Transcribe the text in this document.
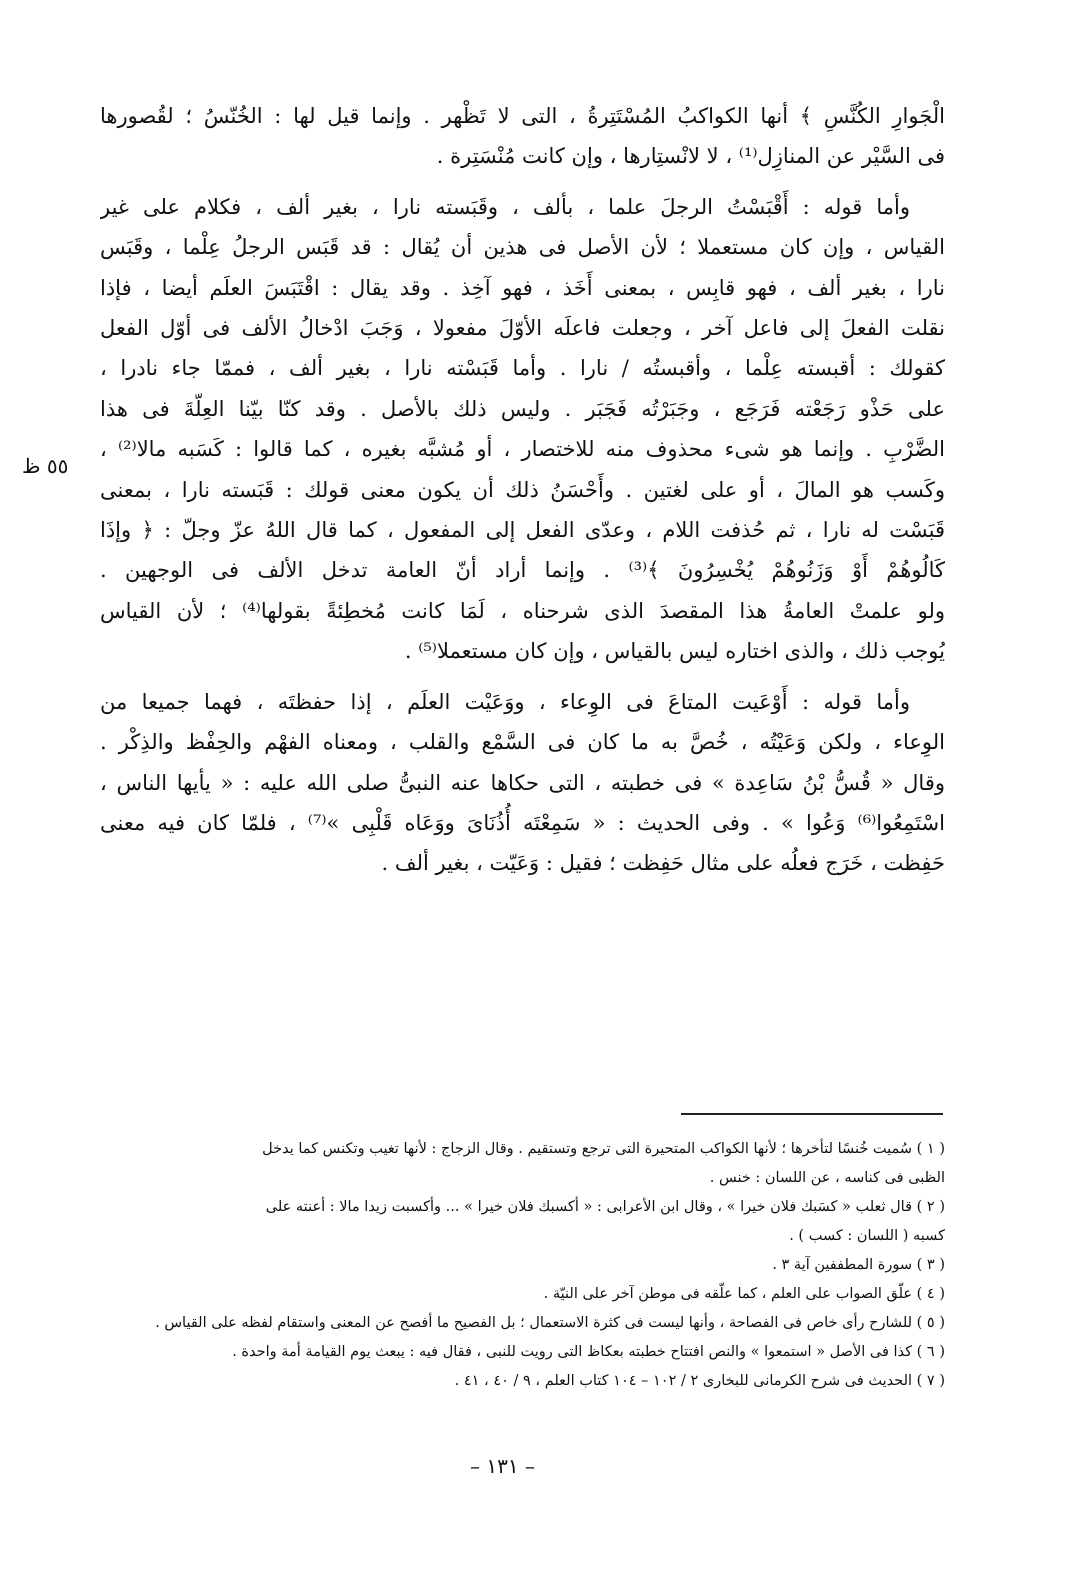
الْجَوارِ الكُنَّسِ ﴾ أنها الكواكبُ المُسْتَتِرةُ ، التى لا تَظْهر . وإنما قيل لها : الخُنّسُ ؛ لقُصورها
فى السَّيْر عن المنازِل⁽¹⁾ ، لا لانْستِارها ، وإن كانت مُنْسَتِرة .

وأما قوله : أَقْبَسْتُ الرجلَ علما ، بألف ، وقَبَسته نارا ، بغير ألف ، فكلام على غير
القياس ، وإن كان مستعملا ؛ لأن الأصل فى هذين أن يُقال : قد قَبَس الرجلُ عِلْما ، وقَبَس
نارا ، بغير ألف ، فهو قابِس ، بمعنى أَخَذ ، فهو آخِذ . وقد يقال : اقْتَبَسَ العلَم أيضا ، فإذا
نقلت الفعلَ إلى فاعل آخر ، وجعلت فاعلَه الأوّلَ مفعولا ، وَجَبَ ادْخالُ الألف فى أوّل الفعل
كقولك : أقبسته عِلْما ، وأقبستُه / نارا . وأما قَبَسْته نارا ، بغير ألف ، فممّا جاء نادرا ،
على حَذْو رَجَعْته فَرَجَع ، وجَبَرْتُه فَجَبَر . وليس ذلك بالأصل . وقد كنّا بيّنا العِلّةَ فى هذا
الضَّرْبِ . وإنما هو شىء محذوف منه للاختصار ، أو مُشبَّه بغيره ، كما قالوا : كَسَبه مالا⁽²⁾ ،
وكَسب هو المالَ ، أو على لغتين . وأَحْسَنُ ذلك أن يكون معنى قولك : قَبَسته نارا ، بمعنى
قَبَسْت له نارا ، ثم حُذفت اللام ، وعدّى الفعل إلى المفعول ، كما قال اللهُ عزّ وجلّ : ﴿ وإذَا
كَالُوهُمْ أَوْ وَزَنُوهُمْ يُخْسِرُونَ ﴾⁽³⁾ . وإنما أراد أنّ العامة تدخل الألف فى الوجهين .
ولو علمتْ العامةُ هذا المقصدَ الذى شرحناه ، لَمَا كانت مُخطِئةً بقولها⁽⁴⁾ ؛ لأن القياس
يُوجب ذلك ، والذى اختاره ليس بالقياس ، وإن كان مستعملا⁽⁵⁾ .

وأما قوله : أَوْعَيت المتاعَ فى الوِعاء ، ووَعَيْت العلَم ، إذا حفظتَه ، فهما جميعا من
الوِعاء ، ولكن وَعَيْتُه ، خُصَّ به ما كان فى السَّمْع والقلب ، ومعناه الفهْم والحِفْظ والذِكْر .
وقال « قُسُّ بْنُ سَاعِدة » فى خطبته ، التى حكاها عنه النبىُّ صلى الله عليه : « يأيها الناس ،
اسْتَمِعُوا⁽⁶⁾ وَعُوا » . وفى الحديث : « سَمِعْتَه أُذُنَاىَ ووَعَاه قَلْبِى »⁽⁷⁾ ، فلمّا كان فيه معنى
حَفِظت ، خَرَج فعلُه على مثال حَفِظت ؛ فقيل : وَعَيّت ، بغير ألف .

٥٥ ظ
( ١ ) سُميت خُنسًا لتأخرها ؛ لأنها الكواكب المتحيرة التى ترجع وتستقيم . وقال الزجاج : لأنها تغيب وتكنس كما يدخل
الظبى فى كناسه ، عن اللسان : خنس .
( ٢ ) قال ثعلب « كسَبك فلان خيرا » ، وقال ابن الأعرابى : « أكسبك فلان خيرا » ... وأكسبت زيدا مالا : أعنته على
كسبه ( اللسان : كسب ) .
( ٣ ) سورة المطففين آية ٣ .
( ٤ ) علّق الصواب على العلم ، كما علّقه فى موطن آخر على النيّة .
( ٥ ) للشارح رأى خاص فى الفصاحة ، وأنها ليست فى كثرة الاستعمال ؛ بل الفصيح ما أفصح عن المعنى واستقام لفظه على القياس .
( ٦ ) كذا فى الأصل « استمعوا » والنص افتتاح خطبته بعكاظ التى رويت للنبى ، فقال فيه : يبعث يوم القيامة أمة واحدة .
( ٧ ) الحديث فى شرح الكرمانى للبخارى ٢ / ١٠٢ – ١٠٤ كتاب العلم ، ٩ / ٤٠ ، ٤١ .
– ١٣١ –
